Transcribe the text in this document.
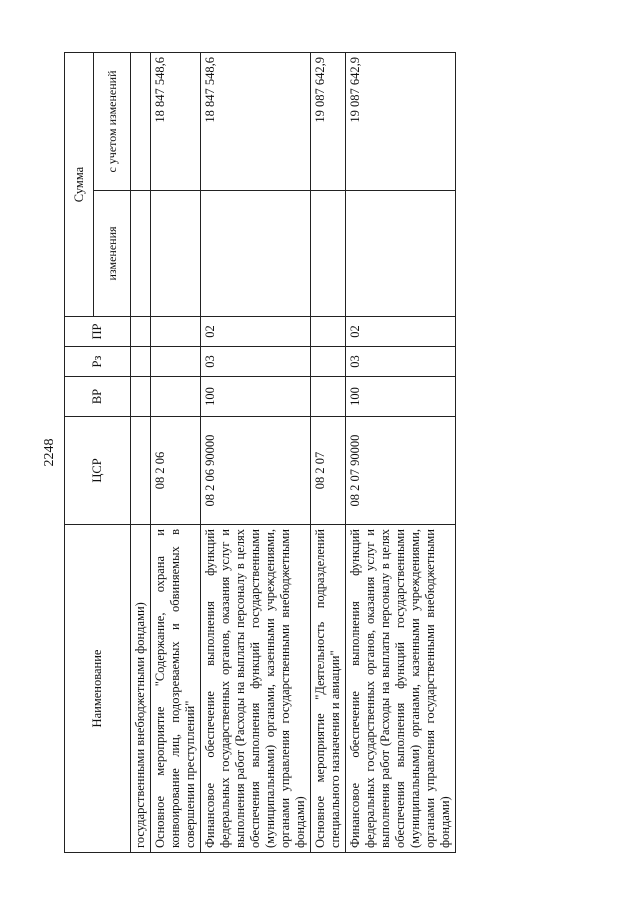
2248
Наименование	ЦСР	ВР	Рз	ПР	Сумма	
					изменения	с учетом изменений
государственными внебюджетными фондами)						
Основное мероприятие "Содержание, охрана и конвоирование лиц, подозреваемых и обвиняемых в совершении преступлений"	08 2 06					18 847 548,6
Финансовое обеспечение выполнения функций федеральных государственных органов, оказания услуг и выполнения работ (Расходы на выплаты персоналу в целях обеспечения выполнения функций государственными (муниципальными) органами, казенными учреждениями, органами управления государственными внебюджетными фондами)	08 2 06 90000	100	03	02		18 847 548,6
Основное мероприятие "Деятельность подразделений специального назначения и авиации"	08 2 07					19 087 642,9
Финансовое обеспечение выполнения функций федеральных государственных органов, оказания услуг и выполнения работ (Расходы на выплаты персоналу в целях обеспечения выполнения функций государственными (муниципальными) органами, казенными учреждениями, органами управления государственными внебюджетными фондами)	08 2 07 90000	100	03	02		19 087 642,9
